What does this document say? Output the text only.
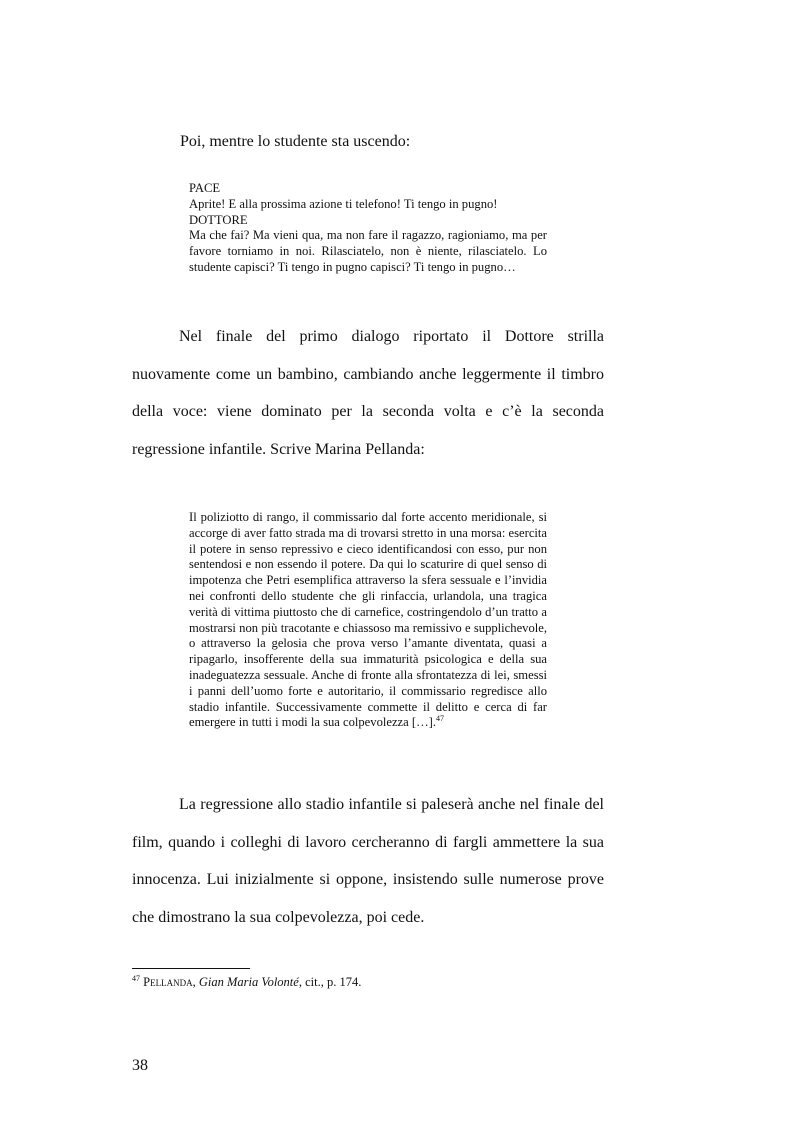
Poi, mentre lo studente sta uscendo:
PACE
Aprite! E alla prossima azione ti telefono! Ti tengo in pugno!
DOTTORE
Ma che fai? Ma vieni qua, ma non fare il ragazzo, ragioniamo, ma per favore torniamo in noi. Rilasciatelo, non è niente, rilasciatelo. Lo studente capisci? Ti tengo in pugno capisci? Ti tengo in pugno…
Nel finale del primo dialogo riportato il Dottore strilla nuovamente come un bambino, cambiando anche leggermente il timbro della voce: viene dominato per la seconda volta e c’è la seconda regressione infantile. Scrive Marina Pellanda:
Il poliziotto di rango, il commissario dal forte accento meridionale, si accorge di aver fatto strada ma di trovarsi stretto in una morsa: esercita il potere in senso repressivo e cieco identificandosi con esso, pur non sentendosi e non essendo il potere. Da qui lo scaturire di quel senso di impotenza che Petri esemplifica attraverso la sfera sessuale e l’invidia nei confronti dello studente che gli rinfaccia, urlandola, una tragica verità di vittima piuttosto che di carnefice, costringendolo d’un tratto a mostrarsi non più tracotante e chiassoso ma remissivo e supplichevole, o attraverso la gelosia che prova verso l’amante diventata, quasi a ripagarlo, insofferente della sua immaturità psicologica e della sua inadeguatezza sessuale. Anche di fronte alla sfrontatezza di lei, smessi i panni dell’uomo forte e autoritario, il commissario regredisce allo stadio infantile. Successivamente commette il delitto e cerca di far emergere in tutti i modi la sua colpevolezza […].$^{47}$
La regressione allo stadio infantile si paleserà anche nel finale del film, quando i colleghi di lavoro cercheranno di fargli ammettere la sua innocenza. Lui inizialmente si oppone, insistendo sulle numerose prove che dimostrano la sua colpevolezza, poi cede.
$^{47}$ Pellanda, Gian Maria Volonté, cit., p. 174.
38
